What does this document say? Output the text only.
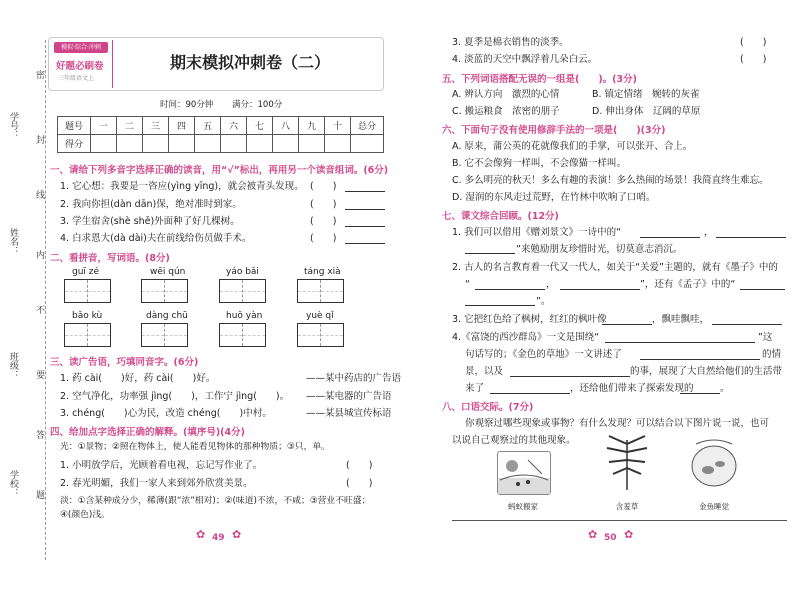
学号：
姓名：
班级：
学校：
密
封
线
内
不
要
答
题
模拟·综合·冲刺
好题必刷卷
三年级语文上
期末模拟冲刺卷（二）
时间：90分钟 满分：100分
题号	一	二	三	四	五	六	七	八	九	十	总分
得分											
一、请给下列多音字选择正确的读音，用“√”标出，再用另一个读音组词。(6分)
1. 它心想：我要是一咨应(yìng yīng)，就会被青头发现。
2. 我向你担(dàn dān)保，绝对准时到家。
3. 学生宿舍(shè shě)外面种了好几棵树。
4. 白求恩大(dà dài)夫在前线给伤员做手术。
(　　)
(　　)
(　　)
(　　)
二、看拼音，写词语。(8分)
guī zé	wēi qún	yáo bǎi	táng xià
bǎo kù	dàng chū	huǒ yàn	yuè qǐ
三、读广告语，巧填同音字。(6分)
1. 药 cài(　　)好，药 cài(　　)好。
2. 空气净化，功率强 jìng(　　)，工作宁 jìng(　　)。
3. chéng(　　)心为民，改造 chéng(　　)中村。
——某中药店的广告语
——某电器的广告语
——某县城宣传标语
四、给加点字选择正确的解释。(填序号)(4分)
光：①景物；②照在物体上，使人能看见物体的那种物质；③只，单。
1. 小明放学后，光顾着看电视，忘记写作业了。
2. 春光明媚，我们一家人来到郊外欣赏美景。
(　　)
(　　)
淡：①含某种成分少，稀薄(跟“浓”相对)；②(味道)不浓，不咸；③营业不旺盛；④(颜色)浅。
49
✿ ✿
3. 夏季是棉衣销售的淡季。
4. 淡蓝的天空中飘浮着几朵白云。
(　　)
(　　)
五、下列词语搭配无误的一组是(　　)。(3分)
A. 辨认方向　激烈的心情	B. 镇定情绪　婉转的灰雀
C. 搬运粮食　浓密的朋子	D. 伸出身体　辽阔的草原
六、下面句子没有使用修辞手法的一项是(　　)(3分)
A. 原来，蒲公英的花就像我们的手掌，可以张开、合上。
B. 它不会像狗一样叫，不会像猫一样叫。
C. 多么明亮的秋天！多么有趣的表演！多么热闹的场景！我简直终生难忘。
D. 湿润的东风走过荒野，在竹林中吹响了口哨。
七、课文综合回顾。(12分)
1. 我们可以借用《赠刘景文》一诗中的“	，
”来勉励朋友珍惜时光，切莫意志消沉。
2. 古人的名言教育着一代又一代人，如关于“关爱”主题的，就有《墨子》中的
“	，	”，还有《孟子》中的“
”。
3. 它把红色给了枫树，红红的枫叶像	，飘哇飘哇，
4.《富饶的西沙群岛》一文是围绕“	”这
句话写的；《金色的草地》一文讲述了	的情
景，以及	的事，展现了大自然给他们的生活带
来了	，还给他们带来了探索发现的	。
八、口语交际。(7分)
你观察过哪些现象或事物？有什么发现？可以结合以下图片说一说，也可
以说自己观察过的其他现象。
蚂蚁搬家	含羞草	金鱼睡觉
50
✿ ✿
